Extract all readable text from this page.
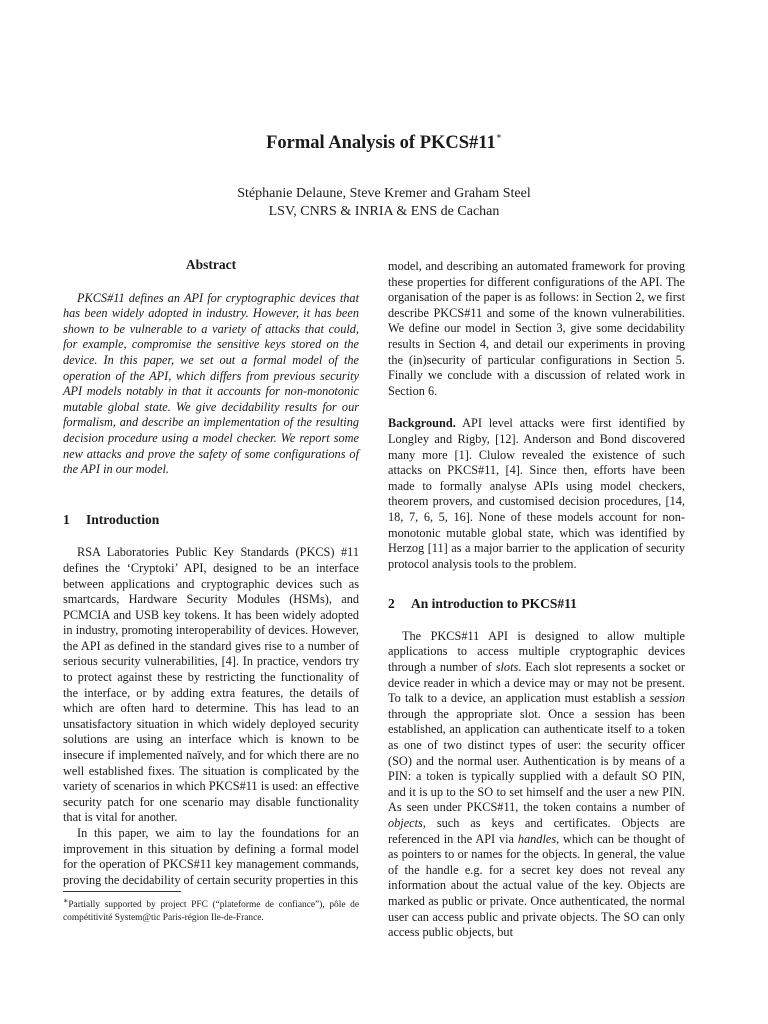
Formal Analysis of PKCS#11∗
Stéphanie Delaune, Steve Kremer and Graham Steel
LSV, CNRS & INRIA & ENS de Cachan
Abstract

PKCS#11 defines an API for cryptographic devices that has been widely adopted in industry. However, it has been shown to be vulnerable to a variety of attacks that could, for example, compromise the sensitive keys stored on the device. In this paper, we set out a formal model of the operation of the API, which differs from previous security API models notably in that it accounts for non-monotonic mutable global state. We give decidability results for our formalism, and describe an implementation of the resulting decision procedure using a model checker. We report some new attacks and prove the safety of some configurations of the API in our model.

1 Introduction

RSA Laboratories Public Key Standards (PKCS) #11 defines the ‘Cryptoki’ API, designed to be an interface between applications and cryptographic devices such as smartcards, Hardware Security Modules (HSMs), and PCMCIA and USB key tokens. It has been widely adopted in industry, promoting interoperability of devices. However, the API as defined in the standard gives rise to a number of serious security vulnerabilities, [4]. In practice, vendors try to protect against these by restricting the functionality of the interface, or by adding extra features, the details of which are often hard to determine. This has lead to an unsatisfactory situation in which widely deployed security solutions are using an interface which is known to be insecure if implemented naïvely, and for which there are no well established fixes. The situation is complicated by the variety of scenarios in which PKCS#11 is used: an effective security patch for one scenario may disable functionality that is vital for another.

In this paper, we aim to lay the foundations for an improvement in this situation by defining a formal model for the operation of PKCS#11 key management commands, proving the decidability of certain security properties in this

∗Partially supported by project PFC (“plateforme de confiance”), pôle de compétitivité System@tic Paris-région Ile-de-France.

model, and describing an automated framework for proving these properties for different configurations of the API. The organisation of the paper is as follows: in Section 2, we first describe PKCS#11 and some of the known vulnerabilities. We define our model in Section 3, give some decidability results in Section 4, and detail our experiments in proving the (in)security of particular configurations in Section 5. Finally we conclude with a discussion of related work in Section 6.

Background. API level attacks were first identified by Longley and Rigby, [12]. Anderson and Bond discovered many more [1]. Clulow revealed the existence of such attacks on PKCS#11, [4]. Since then, efforts have been made to formally analyse APIs using model checkers, theorem provers, and customised decision procedures, [14, 18, 7, 6, 5, 16]. None of these models account for non-monotonic mutable global state, which was identified by Herzog [11] as a major barrier to the application of security protocol analysis tools to the problem.

2 An introduction to PKCS#11

The PKCS#11 API is designed to allow multiple applications to access multiple cryptographic devices through a number of slots. Each slot represents a socket or device reader in which a device may or may not be present. To talk to a device, an application must establish a session through the appropriate slot. Once a session has been established, an application can authenticate itself to a token as one of two distinct types of user: the security officer (SO) and the normal user. Authentication is by means of a PIN: a token is typically supplied with a default SO PIN, and it is up to the SO to set himself and the user a new PIN. As seen under PKCS#11, the token contains a number of objects, such as keys and certificates. Objects are referenced in the API via handles, which can be thought of as pointers to or names for the objects. In general, the value of the handle e.g. for a secret key does not reveal any information about the actual value of the key. Objects are marked as public or private. Once authenticated, the normal user can access public and private objects. The SO can only access public objects, but
